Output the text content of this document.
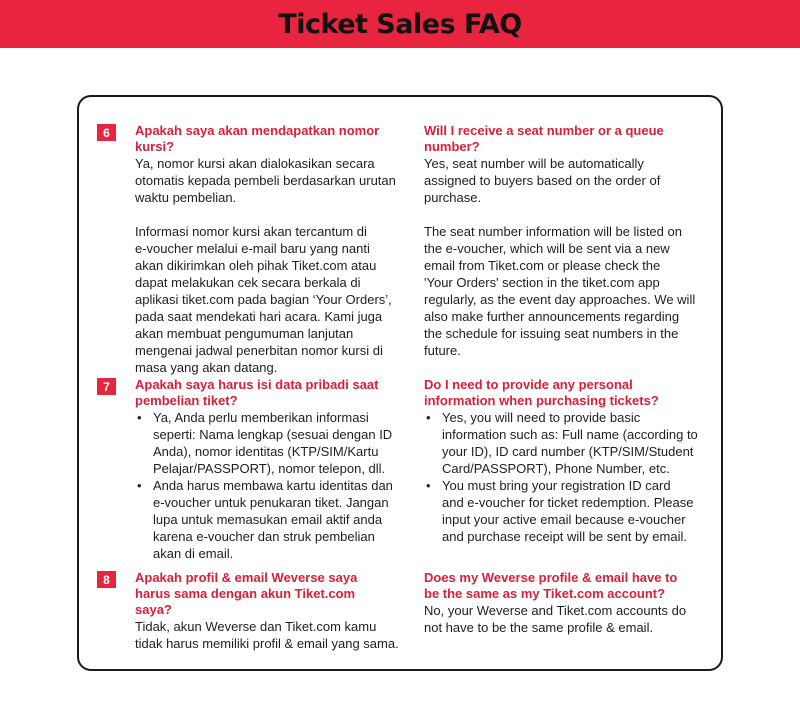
Ticket Sales FAQ
6	Apakah saya akan mendapatkan nomor
kursi?
Ya, nomor kursi akan dialokasikan secara
otomatis kepada pembeli berdasarkan urutan
waktu pembelian.
Informasi nomor kursi akan tercantum di
e-voucher melalui e-mail baru yang nanti
akan dikirimkan oleh pihak Tiket.com atau
dapat melakukan cek secara berkala di
aplikasi tiket.com pada bagian ‘Your Orders’,
pada saat mendekati hari acara. Kami juga
akan membuat pengumuman lanjutan
mengenai jadwal penerbitan nomor kursi di
masa yang akan datang.
Will I receive a seat number or a queue
number?
Yes, seat number will be automatically
assigned to buyers based on the order of
purchase.
The seat number information will be listed on
the e-voucher, which will be sent via a new
email from Tiket.com or please check the
'Your Orders' section in the tiket.com app
regularly, as the event day approaches. We will
also make further announcements regarding
the schedule for issuing seat numbers in the
future.
7	Apakah saya harus isi data pribadi saat
pembelian tiket?
• Ya, Anda perlu memberikan informasi
seperti: Nama lengkap (sesuai dengan ID
Anda), nomor identitas (KTP/SIM/Kartu
Pelajar/PASSPORT), nomor telepon, dll.
• Anda harus membawa kartu identitas dan
e-voucher untuk penukaran tiket. Jangan
lupa untuk memasukan email aktif anda
karena e-voucher dan struk pembelian
akan di email.
Do I need to provide any personal
information when purchasing tickets?
• Yes, you will need to provide basic
information such as: Full name (according to
your ID), ID card number (KTP/SIM/Student
Card/PASSPORT), Phone Number, etc.
• You must bring your registration ID card
and e-voucher for ticket redemption. Please
input your active email because e-voucher
and purchase receipt will be sent by email.
8	Apakah profil & email Weverse saya
harus sama dengan akun Tiket.com
saya?
Tidak, akun Weverse dan Tiket.com kamu
tidak harus memiliki profil & email yang sama.
Does my Weverse profile & email have to
be the same as my Tiket.com account?
No, your Weverse and Tiket.com accounts do
not have to be the same profile & email.
